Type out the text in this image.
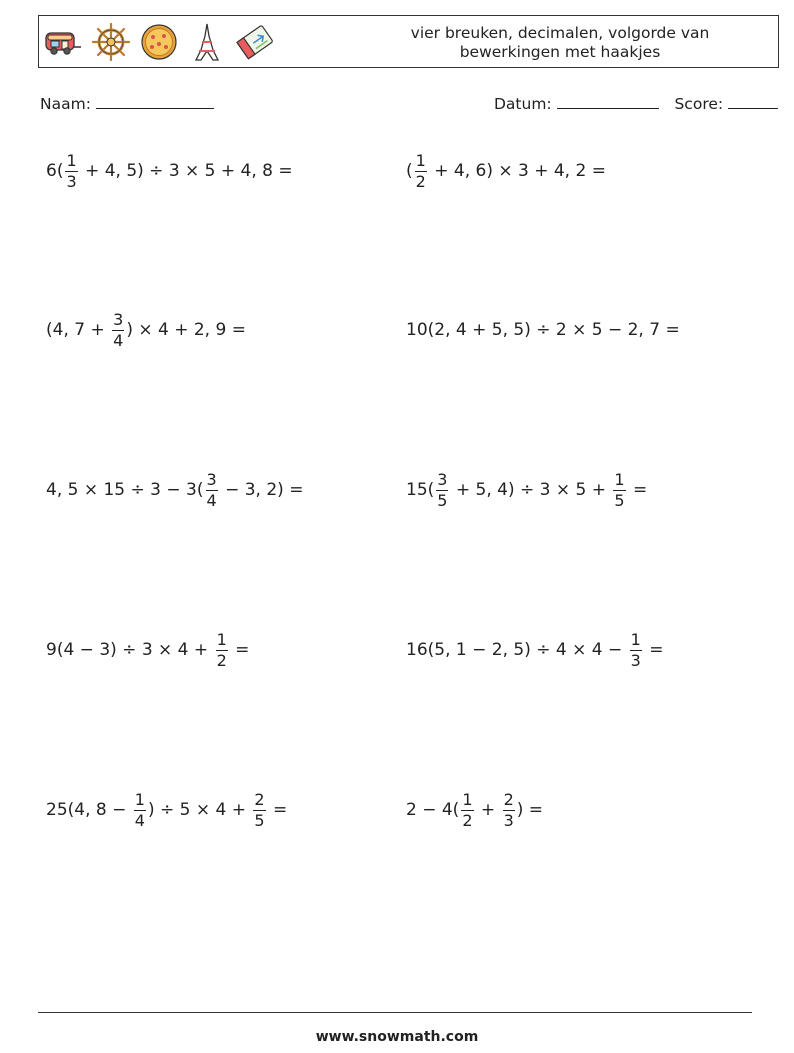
vier breuken, decimalen, volgorde van
bewerkingen met haakjes
Naam:	Datum:	Score:
$6( \frac{1}{3} + 4$, 5) ÷ 3 × 5 + 4, 8 =	( $\frac{1}{2} + 4$, 6) × 3 + 4, 2 =
(4, $7 + \frac{3}{4}$ ) × 4 + 2, 9 =	10(2, 4 + 5, 5) ÷ 2 × 5 − 2, 7 =
4, $5 \times 15 \div 3 - 3( \frac{3}{4} - 3$, 2) =	$15( \frac{3}{5} + 5$, $4) \div 3 \times 5 + \frac{1}{5}$ =
$9(4 - 3) \div 3 \times 4 + \frac{1}{2}$ =	16(5, 1 − 2, $5) \div 4 \times 4 - \frac{1}{3}$ =
25(4, $8 - \frac{1}{4}$ ) ÷ $5 \times 4 + \frac{2}{5}$ =	$2 - 4( \frac{1}{2} + \frac{2}{3}$ ) =
www.snowmath.com
